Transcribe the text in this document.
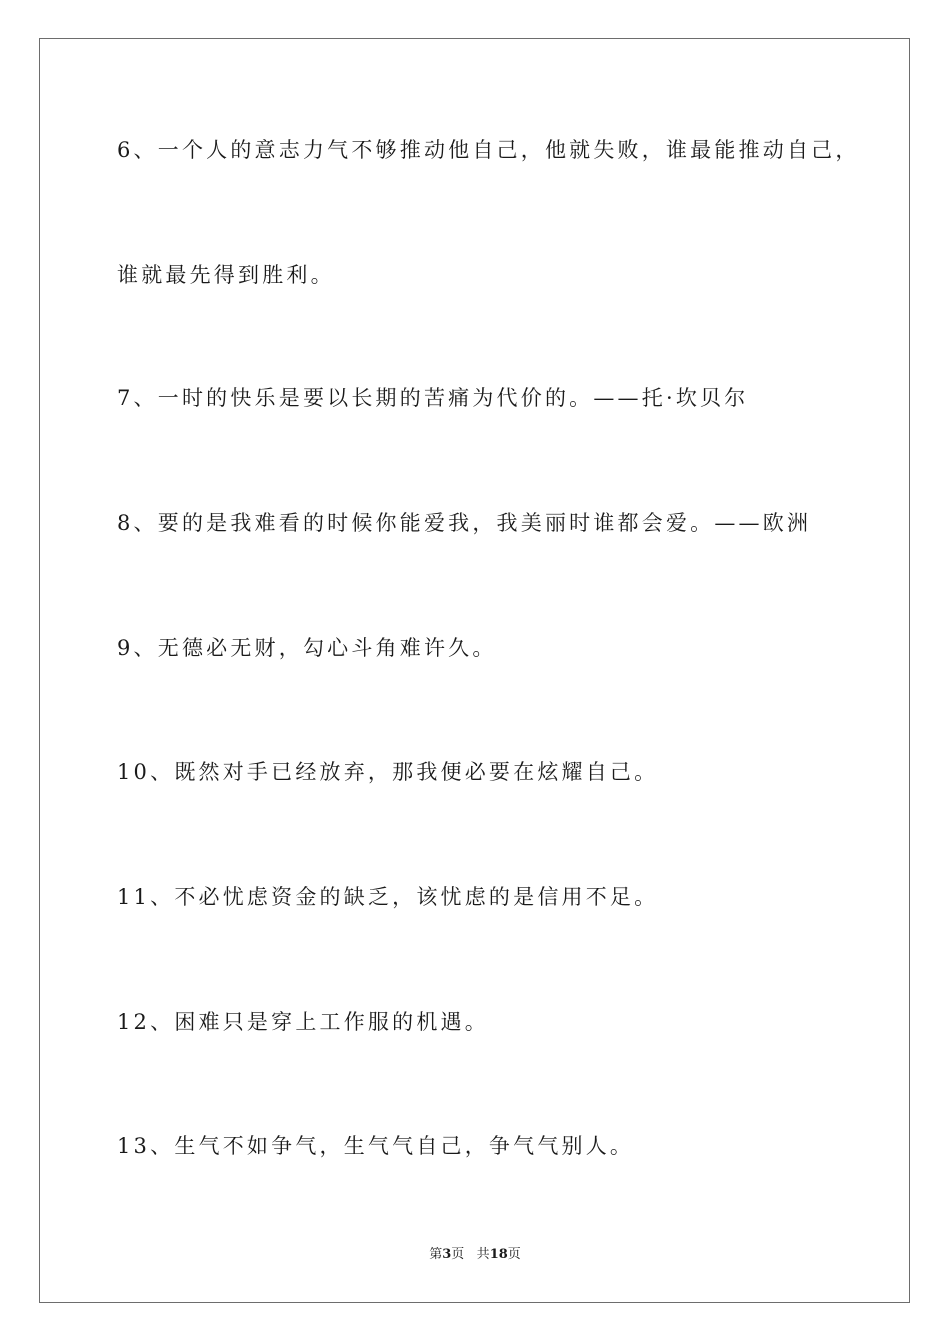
6、一个人的意志力气不够推动他自己，他就失败，谁最能推动自己，
谁就最先得到胜利。
7、一时的快乐是要以长期的苦痛为代价的。——托·坎贝尔
8、要的是我难看的时候你能爱我，我美丽时谁都会爱。——欧洲
9、无德必无财，勾心斗角难许久。
10、既然对手已经放弃，那我便必要在炫耀自己。
11、不必忧虑资金的缺乏，该忧虑的是信用不足。
12、困难只是穿上工作服的机遇。
13、生气不如争气，生气气自己，争气气别人。
第3页 共18页
